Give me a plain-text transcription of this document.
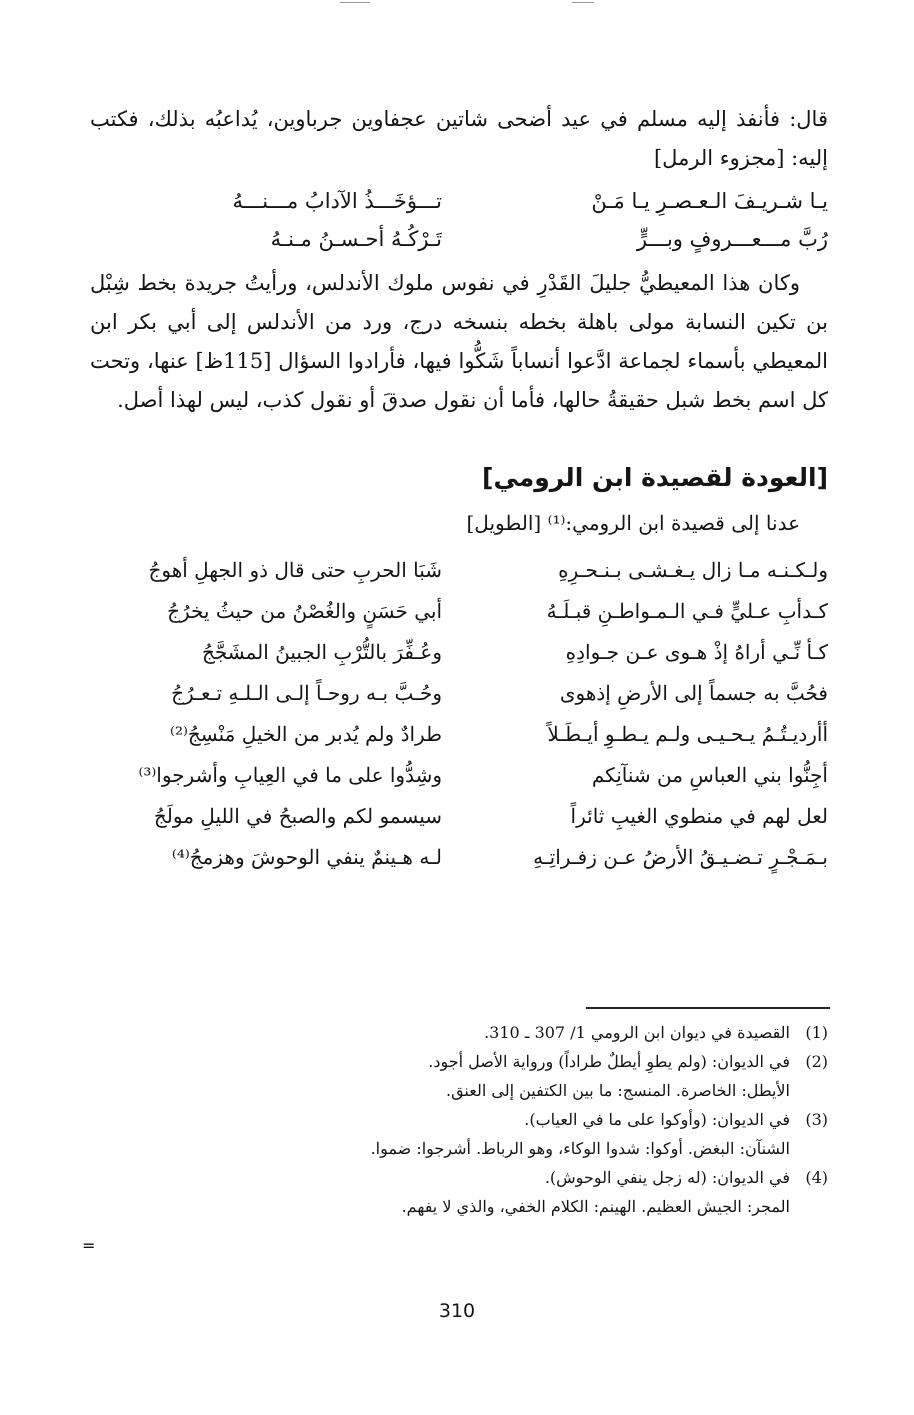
قال: فأنفذ إليه مسلم في عيد أضحى شاتين عجفاوين جرباوين، يُداعبُه بذلك، فكتب إليه: [مجزوء الرمل]

يـا شـريـفَ الـعـصـرِ يـا مَـنْ
تـــؤخَـــذُ الآدابُ مـــنـــهُ
رُبَّ مـــعـــروفٍ وبـــرٍّ
تَـرْكُـهُ أحـسـنُ مـنـهُ

وكان هذا المعيطيُّ جليلَ القَدْرِ في نفوس ملوك الأندلس، ورأيتُ جريدة بخط شِبْل بن تكين النسابة مولى باهلة بخطه بنسخه درج، ورد من الأندلس إلى أبي بكر ابن المعيطي بأسماء لجماعة ادَّعوا أنساباً شَكُّوا فيها، فأرادوا السؤال [115ظ] عنها، وتحت كل اسم بخط شبل حقيقةُ حالها، فأما أن نقول صدقَ أو نقول كذب، ليس لهذا أصل.

[العودة لقصيدة ابن الرومي]

عدنا إلى قصيدة ابن الرومي:⁽¹⁾ [الطويل]

ولـكـنـه مـا زال يـغـشـى بـنـحـرِهِ
شَبَا الحربِ حتى قال ذو الجهلِ أهوجُ
كـدأبِ عـليٍّ فـي الـمـواطـنِ قبـلَـهُ
أبي حَسَنٍ والغُصْنُ من حيثُ يخرُجُ
كـأ نِّـي أراهُ إذْ هـوى عـن جـوادِهِ
وعُـفِّرَ بالتُّرْبِ الجبينُ المشَجَّجُ
فحُبَّ به جسماً إلى الأرضِ إذهوى
وحُـبَّ بـه روحـاً إلـى الـلـهِ تـعـرُجُ
أأرديـتُـمُ يـحـيـى ولـم يـطـوِ أيـطَـلاً
طرادٌ ولم يُدبر من الخيلِ مَنْسِجُ⁽²⁾
أجِنُّوا بني العباسِ من شنآنِكم
وشِدُّوا على ما في العِيابِ وأشرجوا⁽³⁾
لعل لهم في منطوي الغيبِ ثائراً
سيسمو لكم والصبحُ في الليلِ مولَجُ
بـمَـجْـرٍ تـضـيـقُ الأرضُ عـن زفـراتِـهِ
لـه هـينمٌ ينفي الوحوشَ وهزمجُ⁽⁴⁾
(1)
القصيدة في ديوان ابن الرومي 1/ 307 ـ 310.
(2)
في الديوان: (ولم يطوِ أيطلٌ طراداً) ورواية الأصل أجود.
الأيطل: الخاصرة. المنسج: ما بين الكتفين إلى العنق.
(3)
في الديوان: (وأوكوا على ما في العياب).
الشنآن: البغض. أوكوا: شدوا الوكاء، وهو الرباط. أشرجوا: ضموا.
(4)
في الديوان: (له زجل ينفي الوحوش).
المجر: الجيش العظيم. الهينم: الكلام الخفي، والذي لا يفهم.
=
310
